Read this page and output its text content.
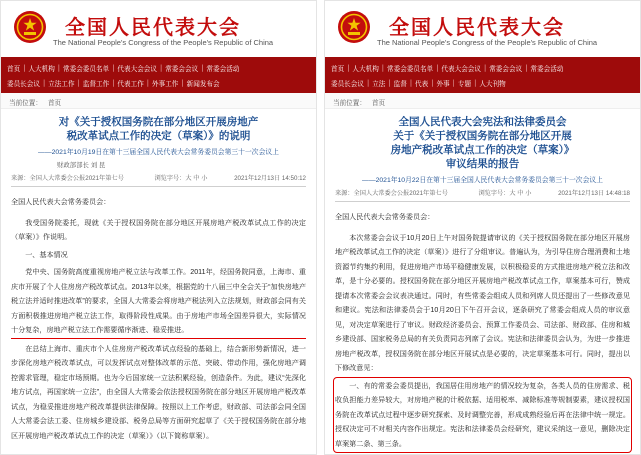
全国人民代表大会
The National People's Congress of the People's Republic of China
首页 | 人大机构 | 常委会委员名单 | 代表大会会议 | 常委会会议 | 常委会活动
委员长会议 | 立法工作 | 监督工作 | 代表工作 | 外事工作 | 新闻发布会
当前位置： 首页
对《关于授权国务院在部分地区开展房地产
税改革试点工作的决定（草案）》的说明
——2021年10月19日在第十三届全国人民代表大会常务委员会第三十一次会议上
财政部部长 刘 昆
来源：全国人大常委会公报2021年第七号	浏览字号：大 中 小	2021年12月13日 14:50:12

全国人民代表大会常务委员会：

我受国务院委托，现就《关于授权国务院在部分地区开展房地产税改革试点工作的决定（草案）》作说明。

一、基本情况

党中央、国务院高度重视房地产税立法与改革工作。2011年，经国务院同意，上海市、重庆市开展了个人住房房产税改革试点。2013年以来，根据党的十八届三中全会关于“加快房地产税立法并适时推进改革”的要求，全国人大常委会将房地产税法列入立法规划，财政部会同有关方面积极推进房地产税立法工作，取得阶段性成果。由于房地产市场全国差异很大，实际情况十分复杂，房地产税立法工作需要循序渐进、稳妥推进。

在总结上海市、重庆市个人住房房产税改革试点经验的基础上，结合新形势新情况，进一步深化房地产税改革试点，可以发挥试点对整体改革的示范、突破、带动作用，强化房地产调控需求管理，稳定市场预期。也为今后国家统一立法积累经验，创造条件。为此，建议“先深化地方试点，再国家统一立法”，由全国人大常委会依法授权国务院在部分地区开展房地产税改革试点，为稳妥推进房地产税改革提供法律保障。按照以上工作考虑，财政部、司法部会同全国人大常委会法工委、住房城乡建设部、税务总局等方面研究起草了《关于授权国务院在部分地区开展房地产税改革试点工作的决定（草案）》（以下简称草案）。

全国人民代表大会
The National People's Congress of the People's Republic of China
首页 | 人大机构 | 常委会委员名单 | 代表大会会议 | 常委会会议 | 常委会活动
委员长会议 | 立法 | 监督 | 代表 | 外事 | 专题 | 人大刊物
当前位置： 首页
全国人民代表大会宪法和法律委员会
关于《关于授权国务院在部分地区开展
房地产税改革试点工作的决定（草案）》
审议结果的报告
——2021年10月22日在第十三届全国人民代表大会常务委员会第三十一次会议上
来源：全国人大常委会公报2021年第七号	浏览字号：大 中 小	2021年12月13日 14:48:18

全国人民代表大会常务委员会：

本次常委会会议于10月20日上午对国务院提请审议的《关于授权国务院在部分地区开展房地产税改革试点工作的决定（草案）》进行了分组审议。普遍认为，为引导住房合理消费和土地资源节约集约利用，促进房地产市场平稳健康发展，以积极稳妥的方式推进房地产税立法和改革，是十分必要的。授权国务院在部分地区开展房地产税改革试点工作，草案基本可行，赞成提请本次常委会会议表决通过。同时，有些常委会组成人员和列席人员还提出了一些修改意见和建议。宪法和法律委员会于10月20日下午召开会议，逐条研究了常委会组成人员的审议意见，对决定草案进行了审议。财政经济委员会、预算工作委员会、司法部、财政部、住房和城乡建设部、国家税务总局的有关负责同志列席了会议。宪法和法律委员会认为，为进一步推进房地产税改革，授权国务院在部分地区开展试点是必要的，决定草案基本可行。同时，提出以下修改意见：

一、有的常委会委员提出，我国居住用房地产的情况较为复杂，各类人员的住房需求、税收负担能力差异较大，对房地产税的计税依据、适用税率、减除标准等规制要素，建议授权国务院在改革试点过程中逐步研究探索、及时调整完善，形成成熟经验后再在法律中统一规定。授权决定可不对相关内容作出规定。宪法和法律委员会经研究，建议采纳这一意见，删除决定草案第二条、第三条。
